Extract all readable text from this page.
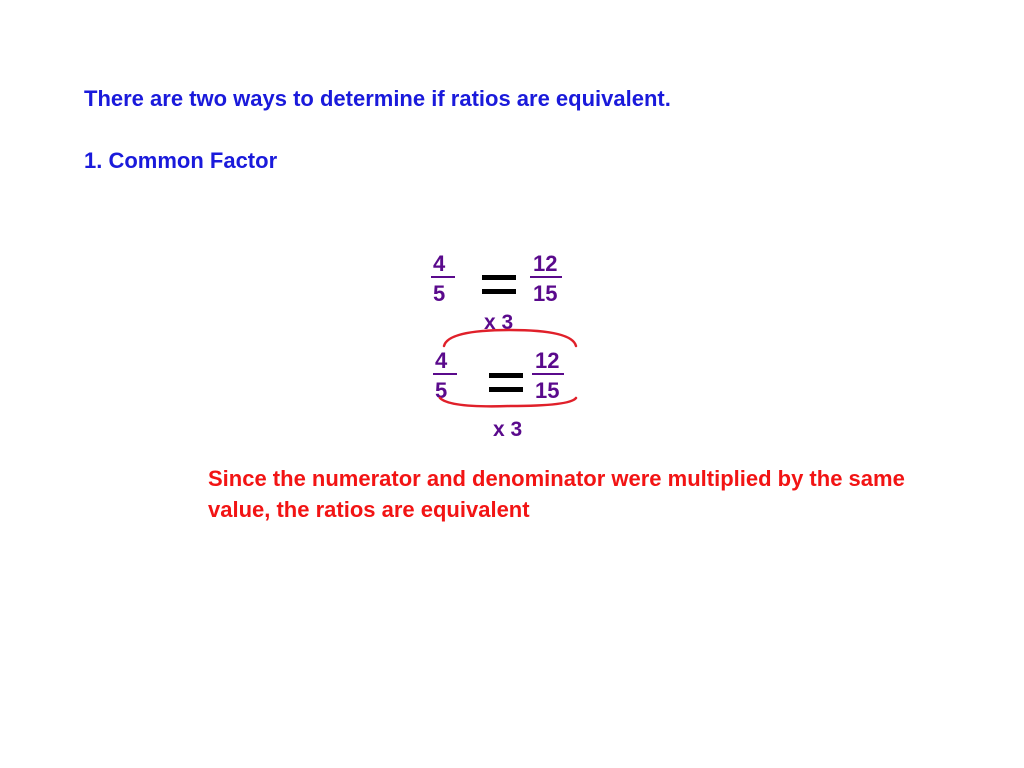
There are two ways to determine if ratios are equivalent.
1. Common Factor
4
5
12
15
x 3
4
5
12
15
x 3
Since the numerator and denominator were multiplied by the same value, the ratios are equivalent
